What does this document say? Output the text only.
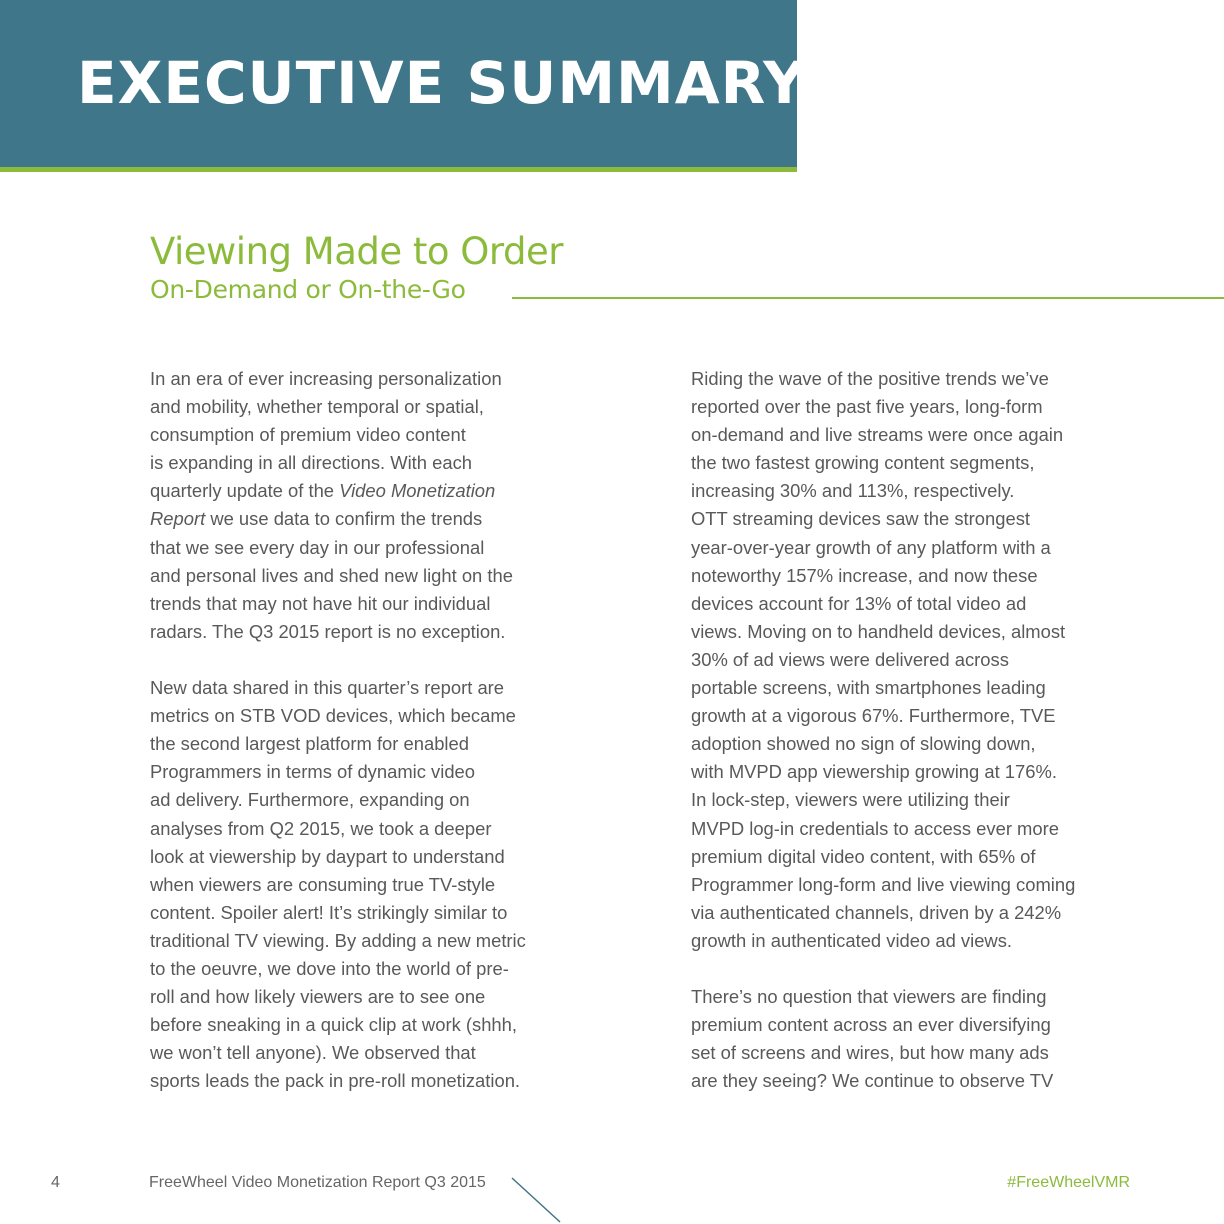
EXECUTIVE SUMMARY
Viewing Made to Order
On-Demand or On-the-Go

In an era of ever increasing personalization
and mobility, whether temporal or spatial,
consumption of premium video content
is expanding in all directions. With each
quarterly update of the Video Monetization
Report we use data to confirm the trends
that we see every day in our professional
and personal lives and shed new light on the
trends that may not have hit our individual
radars. The Q3 2015 report is no exception.

New data shared in this quarter’s report are
metrics on STB VOD devices, which became
the second largest platform for enabled
Programmers in terms of dynamic video
ad delivery. Furthermore, expanding on
analyses from Q2 2015, we took a deeper
look at viewership by daypart to understand
when viewers are consuming true TV-style
content. Spoiler alert! It’s strikingly similar to
traditional TV viewing. By adding a new metric
to the oeuvre, we dove into the world of pre-
roll and how likely viewers are to see one
before sneaking in a quick clip at work (shhh,
we won’t tell anyone). We observed that
sports leads the pack in pre-roll monetization.

Riding the wave of the positive trends we’ve
reported over the past five years, long-form
on-demand and live streams were once again
the two fastest growing content segments,
increasing 30% and 113%, respectively.
OTT streaming devices saw the strongest
year-over-year growth of any platform with a
noteworthy 157% increase, and now these
devices account for 13% of total video ad
views. Moving on to handheld devices, almost
30% of ad views were delivered across
portable screens, with smartphones leading
growth at a vigorous 67%. Furthermore, TVE
adoption showed no sign of slowing down,
with MVPD app viewership growing at 176%.
In lock-step, viewers were utilizing their
MVPD log-in credentials to access ever more
premium digital video content, with 65% of
Programmer long-form and live viewing coming
via authenticated channels, driven by a 242%
growth in authenticated video ad views.

There’s no question that viewers are finding
premium content across an ever diversifying
set of screens and wires, but how many ads
are they seeing? We continue to observe TV

4	FreeWheel Video Monetization Report Q3 2015	#FreeWheelVMR
